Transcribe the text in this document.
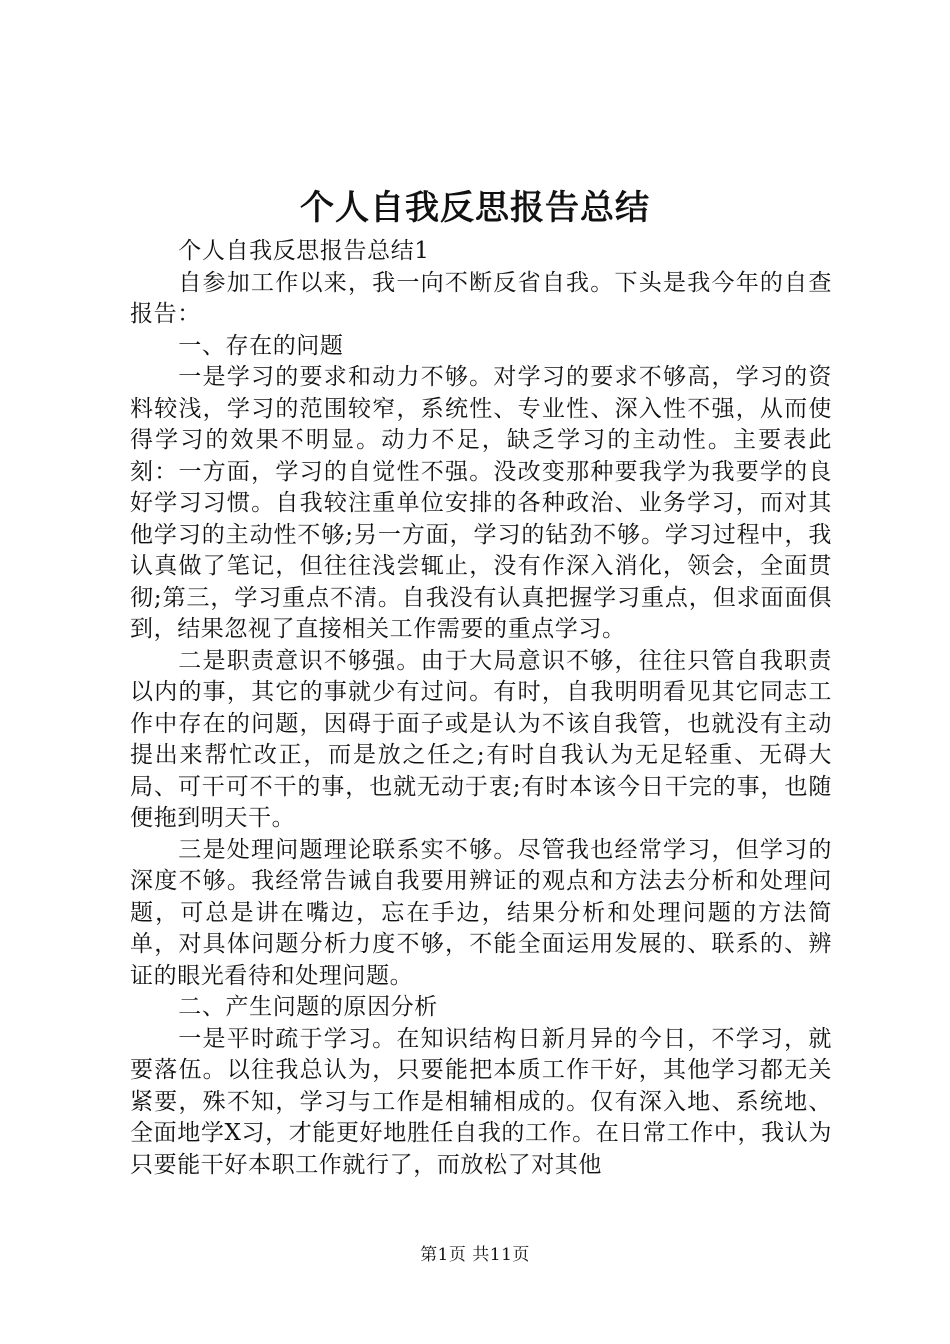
个人自我反思报告总结

个人自我反思报告总结1

自参加工作以来，我一向不断反省自我。下头是我今年的自查报告：

一、存在的问题

一是学习的要求和动力不够。对学习的要求不够高，学习的资料较浅，学习的范围较窄，系统性、专业性、深入性不强，从而使得学习的效果不明显。动力不足，缺乏学习的主动性。主要表此刻：一方面，学习的自觉性不强。没改变那种要我学为我要学的良好学习习惯。自我较注重单位安排的各种政治、业务学习，而对其他学习的主动性不够;另一方面，学习的钻劲不够。学习过程中，我认真做了笔记，但往往浅尝辄止，没有作深入消化，领会，全面贯彻;第三，学习重点不清。自我没有认真把握学习重点，但求面面俱到，结果忽视了直接相关工作需要的重点学习。

二是职责意识不够强。由于大局意识不够，往往只管自我职责以内的事，其它的事就少有过问。有时，自我明明看见其它同志工作中存在的问题，因碍于面子或是认为不该自我管，也就没有主动提出来帮忙改正，而是放之任之;有时自我认为无足轻重、无碍大局、可干可不干的事，也就无动于衷;有时本该今日干完的事，也随便拖到明天干。

三是处理问题理论联系实不够。尽管我也经常学习，但学习的深度不够。我经常告诫自我要用辨证的观点和方法去分析和处理问题，可总是讲在嘴边，忘在手边，结果分析和处理问题的方法简单，对具体问题分析力度不够，不能全面运用发展的、联系的、辨证的眼光看待和处理问题。

二、产生问题的原因分析

一是平时疏于学习。在知识结构日新月异的今日，不学习，就要落伍。以往我总认为，只要能把本质工作干好，其他学习都无关紧要，殊不知，学习与工作是相辅相成的。仅有深入地、系统地、全面地学X习，才能更好地胜任自我的工作。在日常工作中，我认为只要能干好本职工作就行了，而放松了对其他

第1页 共11页
